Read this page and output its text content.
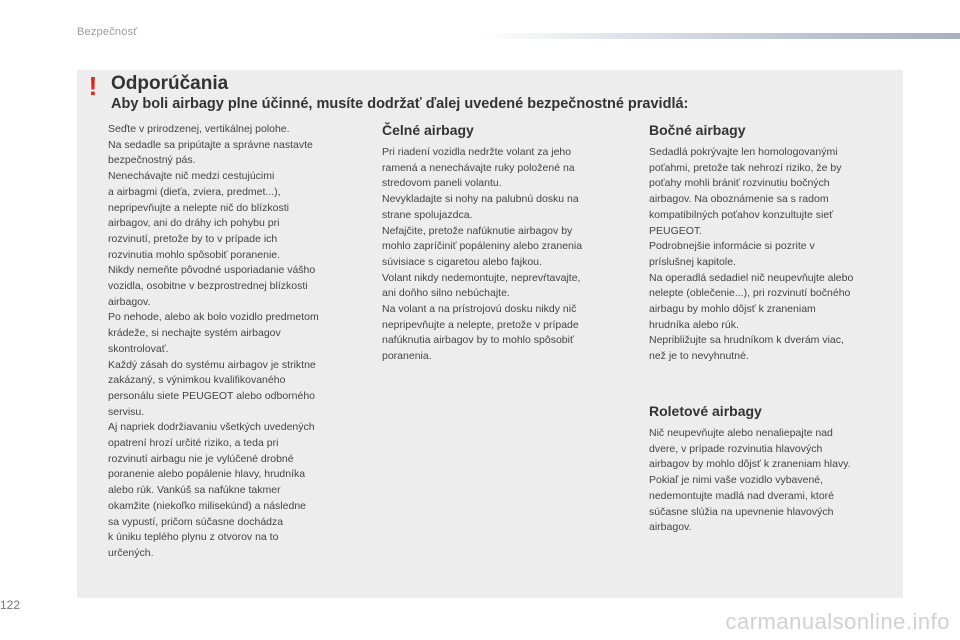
Bezpečnosť
! Odporúčania
Aby boli airbagy plne účinné, musíte dodržať ďalej uvedené bezpečnostné pravidlá:

Seďte v prirodzenej, vertikálnej polohe.

Na sedadle sa pripútajte a správne nastavte

bezpečnostný pás.

Nenechávajte nič medzi cestujúcimi

a airbagmi (dieťa, zviera, predmet...),

nepripevňujte a nelepte nič do blízkosti

airbagov, ani do dráhy ich pohybu pri

rozvinutí, pretože by to v prípade ich

rozvinutia mohlo spôsobiť poranenie.

Nikdy nemeňte pôvodné usporiadanie vášho

vozidla, osobitne v bezprostrednej blízkosti

airbagov.

Po nehode, alebo ak bolo vozidlo predmetom

krádeže, si nechajte systém airbagov

skontrolovať.

Každý zásah do systému airbagov je striktne

zakázaný, s výnimkou kvalifikovaného

personálu siete PEUGEOT alebo odborného

servisu.

Aj napriek dodržiavaniu všetkých uvedených

opatrení hrozí určité riziko, a teda pri

rozvinutí airbagu nie je vylúčené drobné

poranenie alebo popálenie hlavy, hrudníka

alebo rúk. Vankúš sa nafúkne takmer

okamžite (niekoľko milisekúnd) a následne

sa vypustí, pričom súčasne dochádza

k úniku teplého plynu z otvorov na to

určených.

Čelné airbagy

Pri riadení vozidla nedržte volant za jeho

ramená a nenechávajte ruky položené na

stredovom paneli volantu.

Nevykladajte si nohy na palubnú dosku na

strane spolujazdca.

Nefajčite, pretože nafúknutie airbagov by

mohlo zapríčiniť popáleniny alebo zranenia

súvisiace s cigaretou alebo fajkou.

Volant nikdy nedemontujte, neprevŕtavajte,

ani doňho silno nebúchajte.

Na volant a na prístrojovú dosku nikdy nič

nepripevňujte a nelepte, pretože v prípade

nafúknutia airbagov by to mohlo spôsobiť

poranenia.

Bočné airbagy

Sedadlá pokrývajte len homologovanými

poťahmi, pretože tak nehrozí riziko, že by

poťahy mohli brániť rozvinutiu bočných

airbagov. Na oboznámenie sa s radom

kompatibilných poťahov konzultujte sieť

PEUGEOT.

Podrobnejšie informácie si pozrite v

príslušnej kapitole.

Na operadlá sedadiel nič neupevňujte alebo

nelepte (oblečenie...), pri rozvinutí bočného

airbagu by mohlo dôjsť k zraneniam

hrudníka alebo rúk.

Nepribližujte sa hrudníkom k dverám viac,

než je to nevyhnutné.

Roletové airbagy

Nič neupevňujte alebo nenaliepajte nad

dvere, v prípade rozvinutia hlavových

airbagov by mohlo dôjsť k zraneniam hlavy.

Pokiaľ je nimi vaše vozidlo vybavené,

nedemontujte madlá nad dverami, ktoré

súčasne slúžia na upevnenie hlavových

airbagov.

122
carmanualsonline.info
